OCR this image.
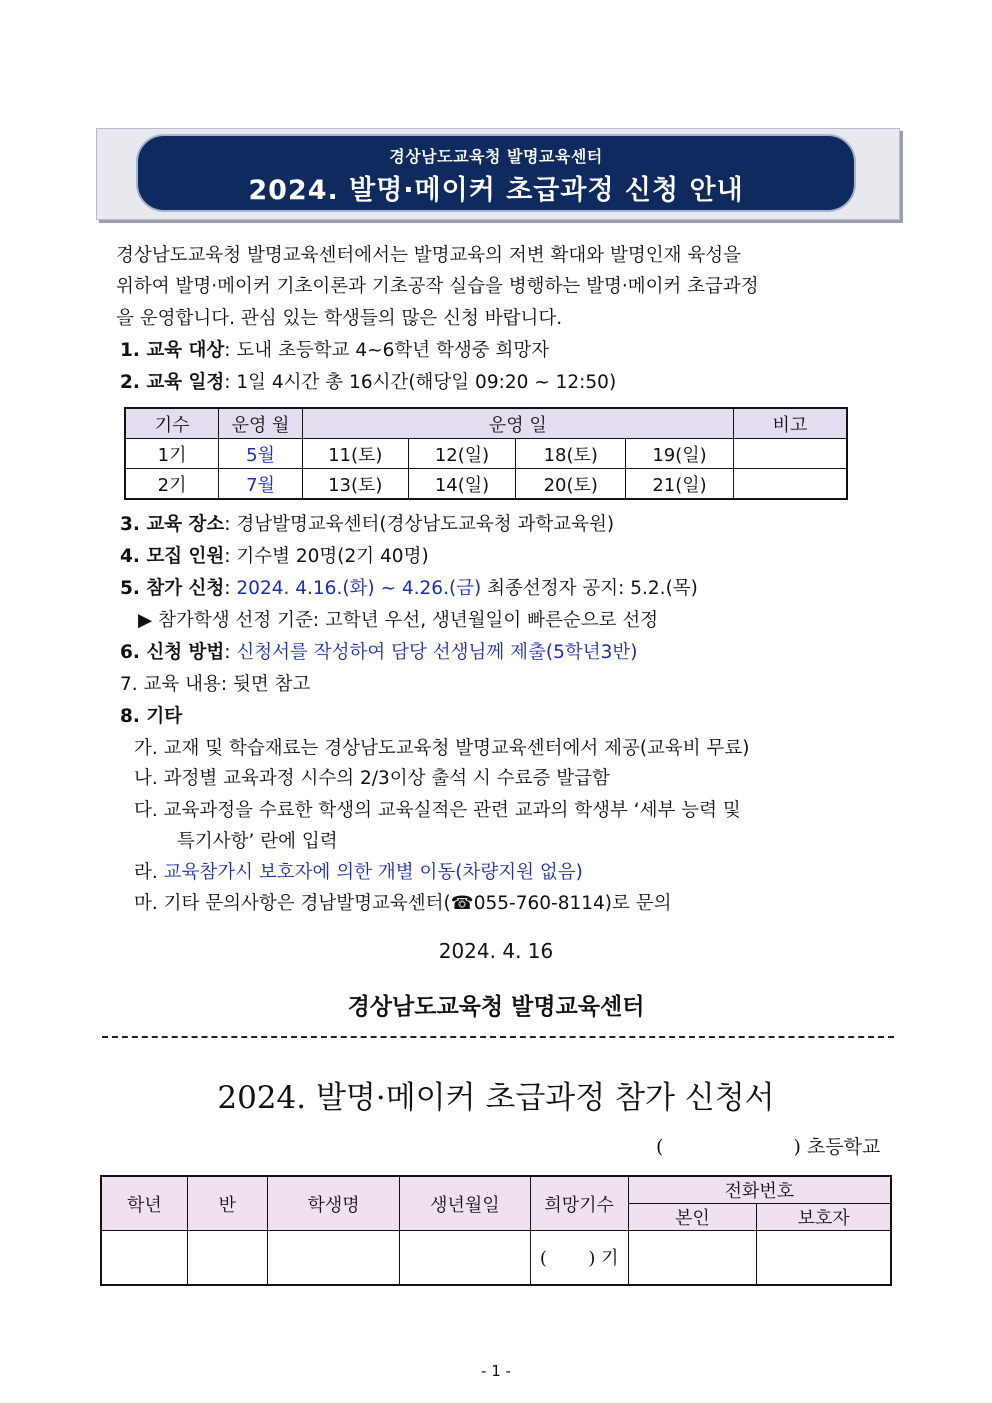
경상남도교육청 발명교육센터
2024. 발명·메이커 초급과정 신청 안내
경상남도교육청 발명교육센터에서는 발명교육의 저변 확대와 발명인재 육성을
위하여 발명·메이커 기초이론과 기초공작 실습을 병행하는 발명·메이커 초급과정
을 운영합니다. 관심 있는 학생들의 많은 신청 바랍니다.
1. 교육 대상: 도내 초등학교 4~6학년 학생중 희망자
2. 교육 일정: 1일 4시간 총 16시간(해당일 09:20 ~ 12:50)
기수	운영 월	운영 일				비고
1기	5월	11(토)	12(일)	18(토)	19(일)	
2기	7월	13(토)	14(일)	20(토)	21(일)	
3. 교육 장소: 경남발명교육센터(경상남도교육청 과학교육원)
4. 모집 인원: 기수별 20명(2기 40명)
5. 참가 신청: 2024. 4.16.(화) ~ 4.26.(금) 최종선정자 공지: 5.2.(목)
▶ 참가학생 선정 기준: 고학년 우선, 생년월일이 빠른순으로 선정
6. 신청 방법: 신청서를 작성하여 담당 선생님께 제출(5학년3반)
7. 교육 내용: 뒷면 참고
8. 기타
가. 교재 및 학습재료는 경상남도교육청 발명교육센터에서 제공(교육비 무료)
나. 과정별 교육과정 시수의 2/3이상 출석 시 수료증 발급함
다. 교육과정을 수료한 학생의 교육실적은 관련 교과의 학생부 ‘세부 능력 및
특기사항’ 란에 입력
라. 교육참가시 보호자에 의한 개별 이동(차량지원 없음)
마. 기타 문의사항은 경남발명교육센터(☎055-760-8114)로 문의
2024. 4. 16
경상남도교육청 발명교육센터
2024. 발명·메이커 초급과정 참가 신청서
(	) 초등학교
학년	반	학생명	생년월일	희망기수	전화번호	
					본인	보호자
				( ) 기		
- 1 -
